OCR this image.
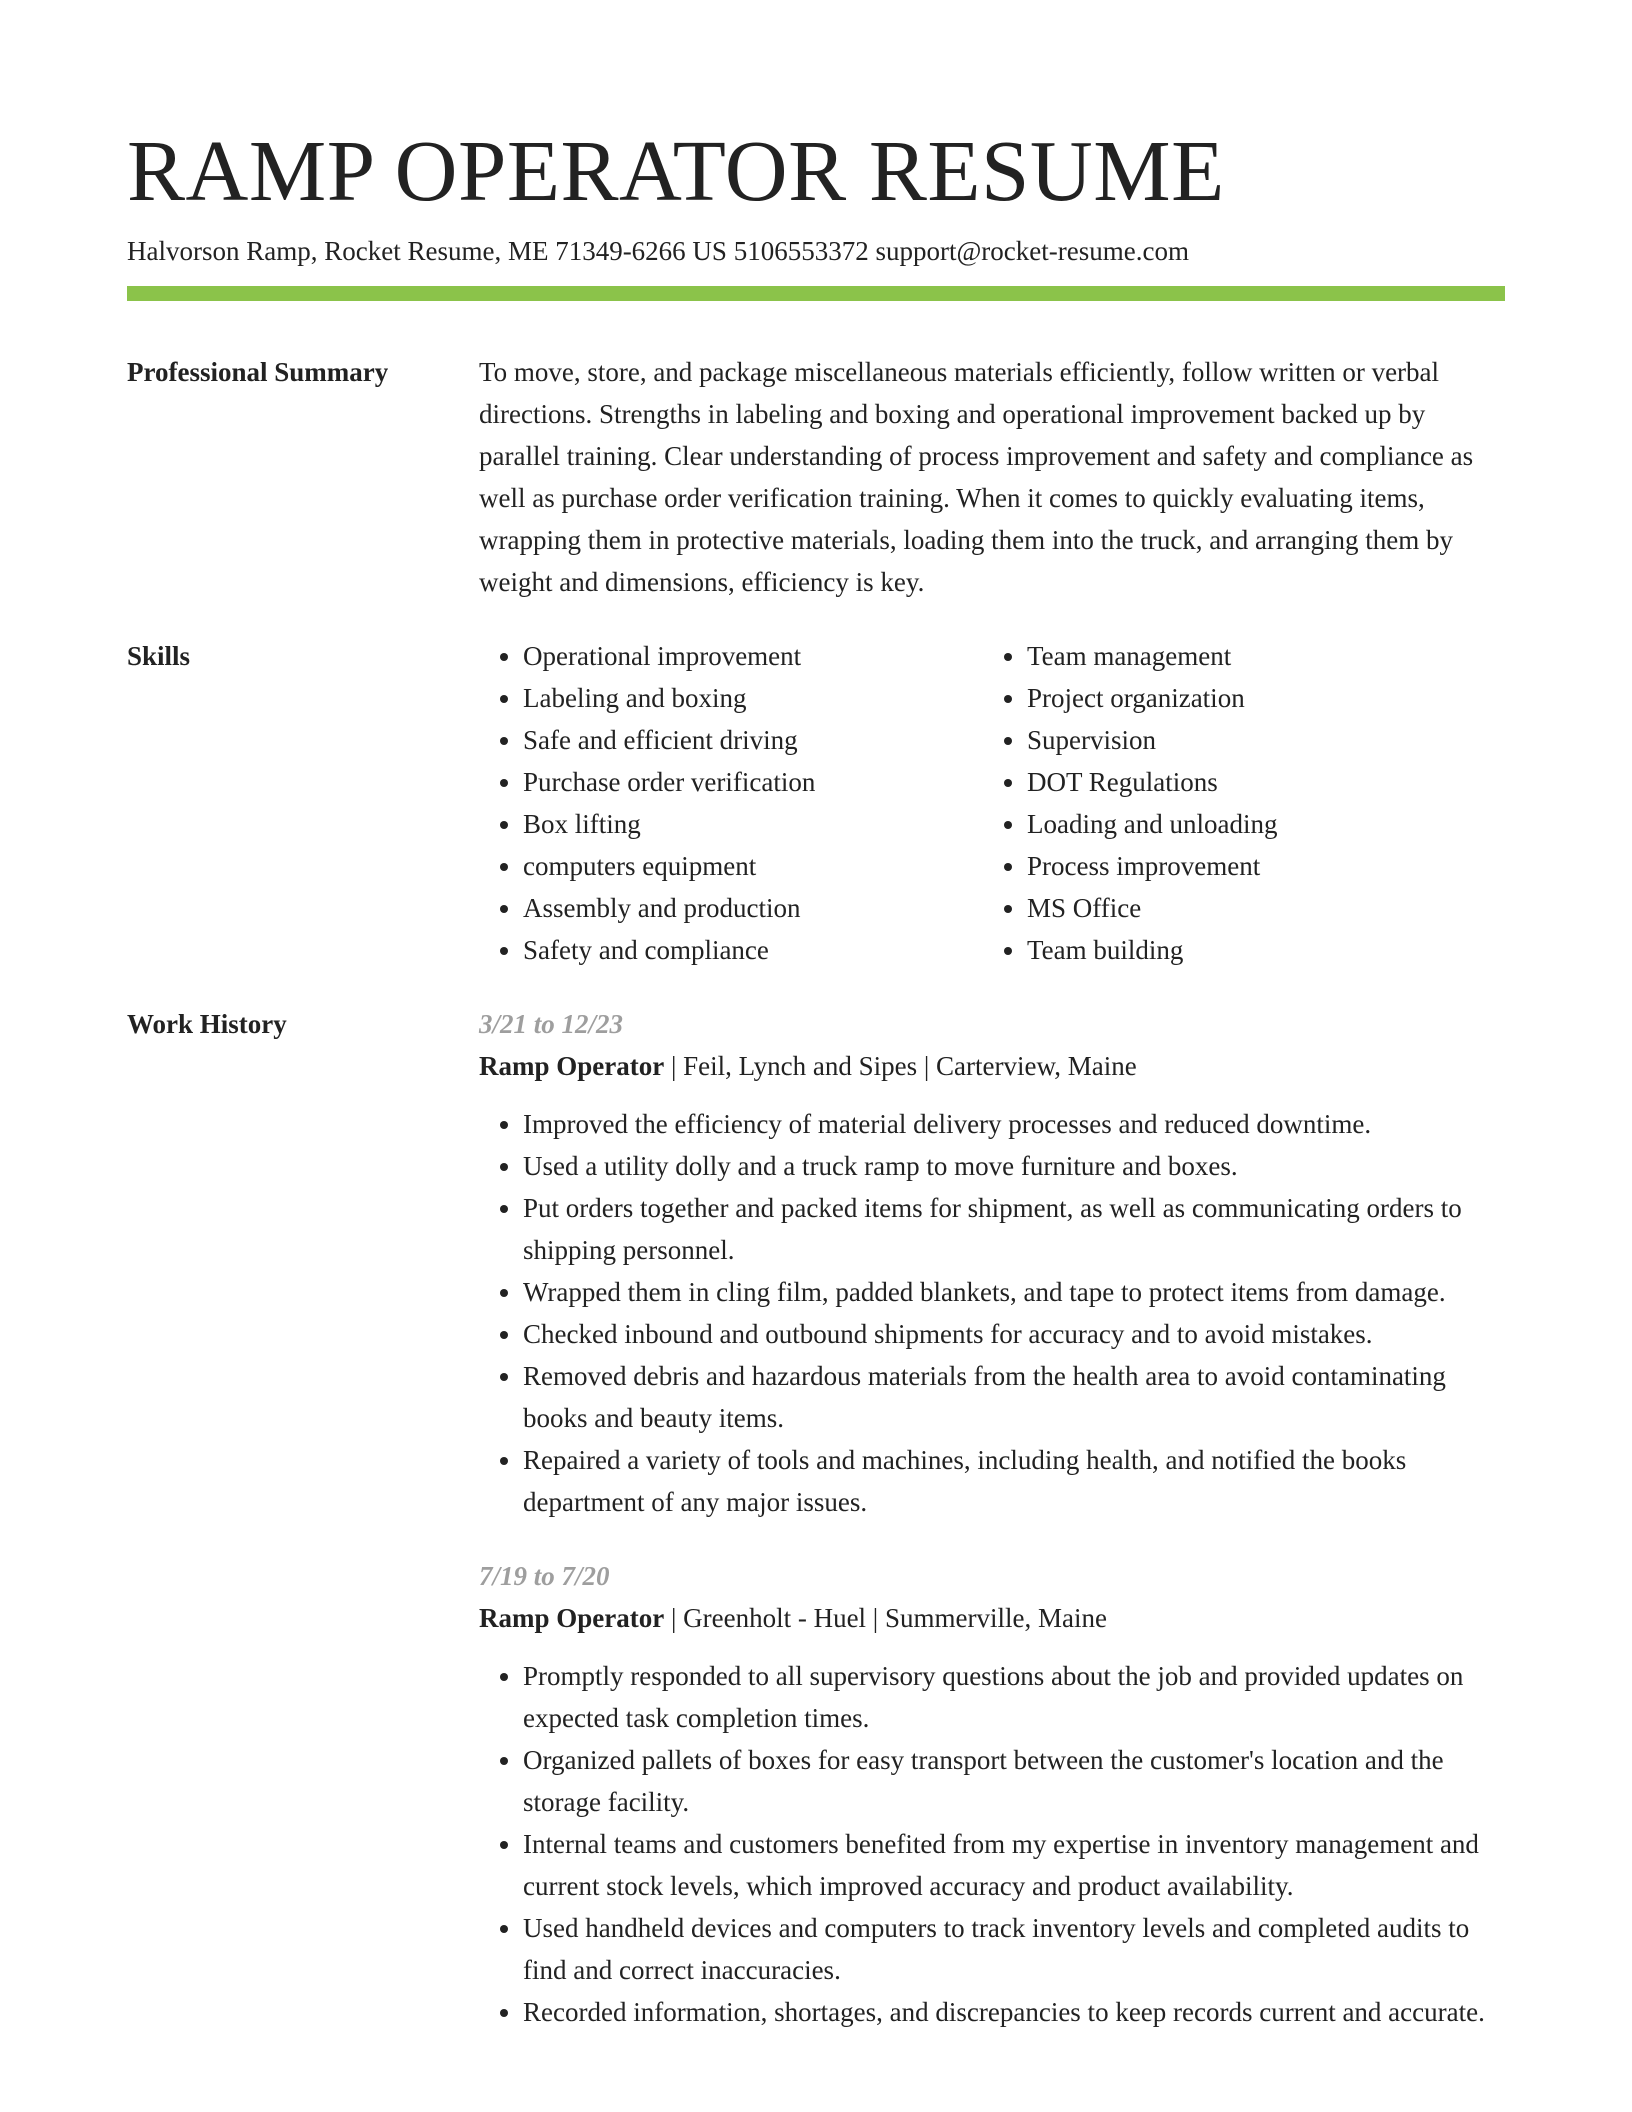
RAMP OPERATOR RESUME
Halvorson Ramp, Rocket Resume, ME 71349-6266 US 5106553372 support@rocket-resume.com
Professional Summary	To move, store, and package miscellaneous materials efficiently, follow written or verbal directions. Strengths in labeling and boxing and operational improvement backed up by parallel training. Clear understanding of process improvement and safety and compliance as well as purchase order verification training. When it comes to quickly evaluating items, wrapping them in protective materials, loading them into the truck, and arranging them by weight and dimensions, efficiency is key.

Skills
•	Operational improvement
• Labeling and boxing
• Safe and efficient driving
• Purchase order verification
• Box lifting
• computers equipment
• Assembly and production
• Safety and compliance
• Team management
• Project organization
• Supervision
• DOT Regulations
• Loading and unloading
• Process improvement
• MS Office
• Team building
Work History	3/21 to 12/23
Ramp Operator | Feil, Lynch and Sipes | Carterview, Maine
• Improved the efficiency of material delivery processes and reduced downtime.
• Used a utility dolly and a truck ramp to move furniture and boxes.
• Put orders together and packed items for shipment, as well as communicating orders to shipping personnel.
• Wrapped them in cling film, padded blankets, and tape to protect items from damage.
• Checked inbound and outbound shipments for accuracy and to avoid mistakes.
• Removed debris and hazardous materials from the health area to avoid contaminating books and beauty items.
• Repaired a variety of tools and machines, including health, and notified the books department of any major issues.
7/19 to 7/20
Ramp Operator | Greenholt - Huel | Summerville, Maine
• Promptly responded to all supervisory questions about the job and provided updates on expected task completion times.
• Organized pallets of boxes for easy transport between the customer's location and the storage facility.
• Internal teams and customers benefited from my expertise in inventory management and current stock levels, which improved accuracy and product availability.
• Used handheld devices and computers to track inventory levels and completed audits to find and correct inaccuracies.
• Recorded information, shortages, and discrepancies to keep records current and accurate.
